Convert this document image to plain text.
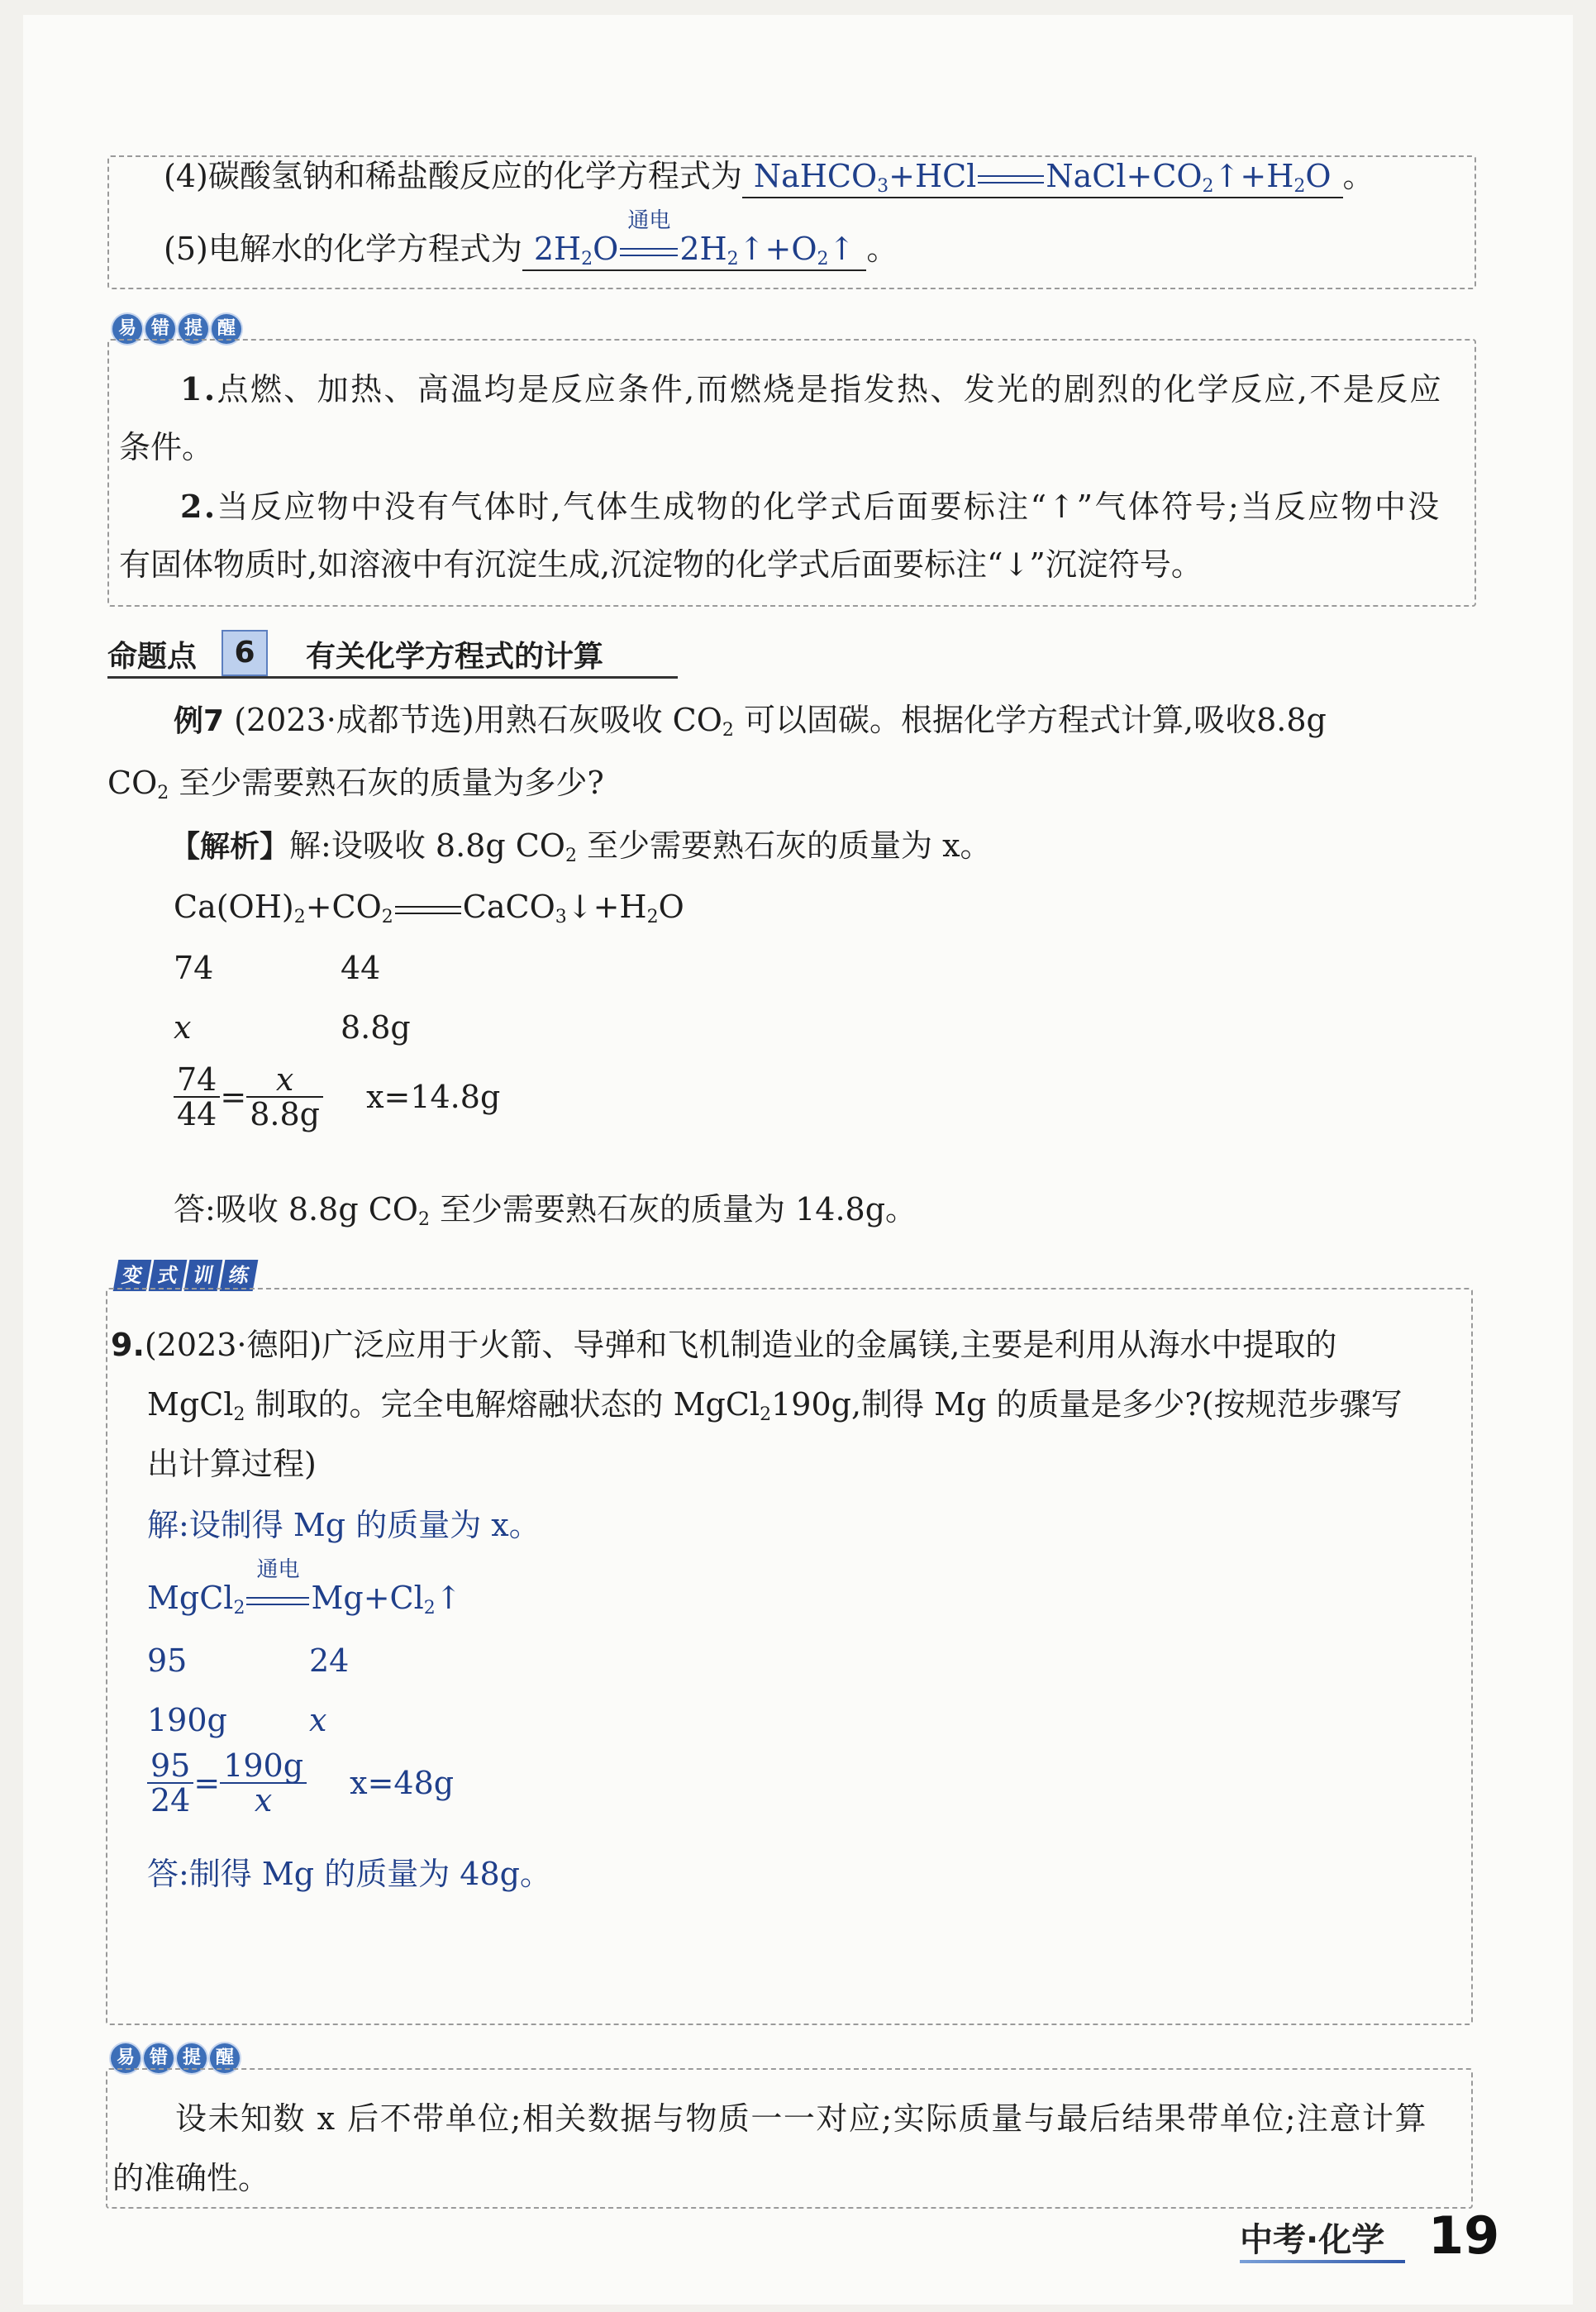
(4)碳酸氢钠和稀盐酸反应的化学方程式为 NaHCO$_3$+HCl $NaCl+CO_2↑+H_2O$ 。
(5)电解水的化学方程式为 $2H_2O$
通电
$2H_2↑+O_2↑$ 。
易 错 提 醒
1.点燃、加热、高温均是反应条件,而燃烧是指发热、发光的剧烈的化学反应,不是反应
条件。
2.当反应物中没有气体时,气体生成物的化学式后面要标注“↑”气体符号;当反应物中没
有固体物质时,如溶液中有沉淀生成,沉淀物的化学式后面要标注“↓”沉淀符号。
命题点	6	有关化学方程式的计算
例7 (2023·成都节选)用熟石灰吸收 $CO_2$ 可以固碳。根据化学方程式计算,吸收8.8g
$CO_2$ 至少需要熟石灰的质量为多少?
【解析】解:设吸收 8.8g $CO_2$ 至少需要熟石灰的质量为 x。
$Ca(OH)_2+CO_2$ $CaCO_3↓+H_2O$
74	44
x	8.8g
$\frac{74}{44} = \frac{x}{8.8g} x=14.8g$
答:吸收 8.8g $CO_2$ 至少需要熟石灰的质量为 14.8g。
变 式 训 练
9.(2023·德阳)广泛应用于火箭、导弹和飞机制造业的金属镁,主要是利用从海水中提取的
MgCl$_2$ 制取的。完全电解熔融状态的 MgCl$_2$190g,制得 Mg 的质量是多少?(按规范步骤写
出计算过程)
解:设制得 Mg 的质量为 x。
MgCl$_2$
通电
$Mg+Cl_2↑$
95	24
190g	x
$\frac{95}{24} = \frac{190g}{x} x=48g$
答:制得 Mg 的质量为 48g。
易 错 提 醒
设未知数 x 后不带单位;相关数据与物质一一对应;实际质量与最后结果带单位;注意计算
的准确性。
中考·化学 19
